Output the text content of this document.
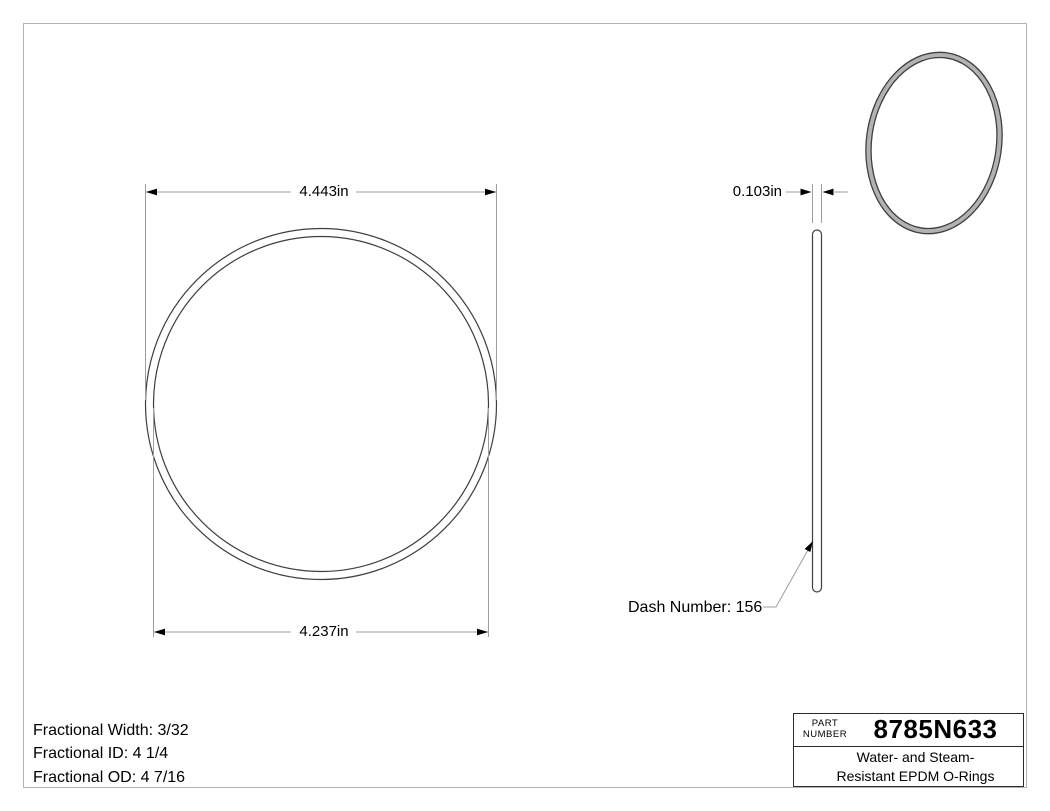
4.443in
4.237in
0.103in
Dash Number: 156
Fractional Width: 3/32
Fractional ID: 4 1/4
Fractional OD: 4 7/16
PART
NUMBER	8785N633
Water- and Steam-
Resistant EPDM O-Rings
